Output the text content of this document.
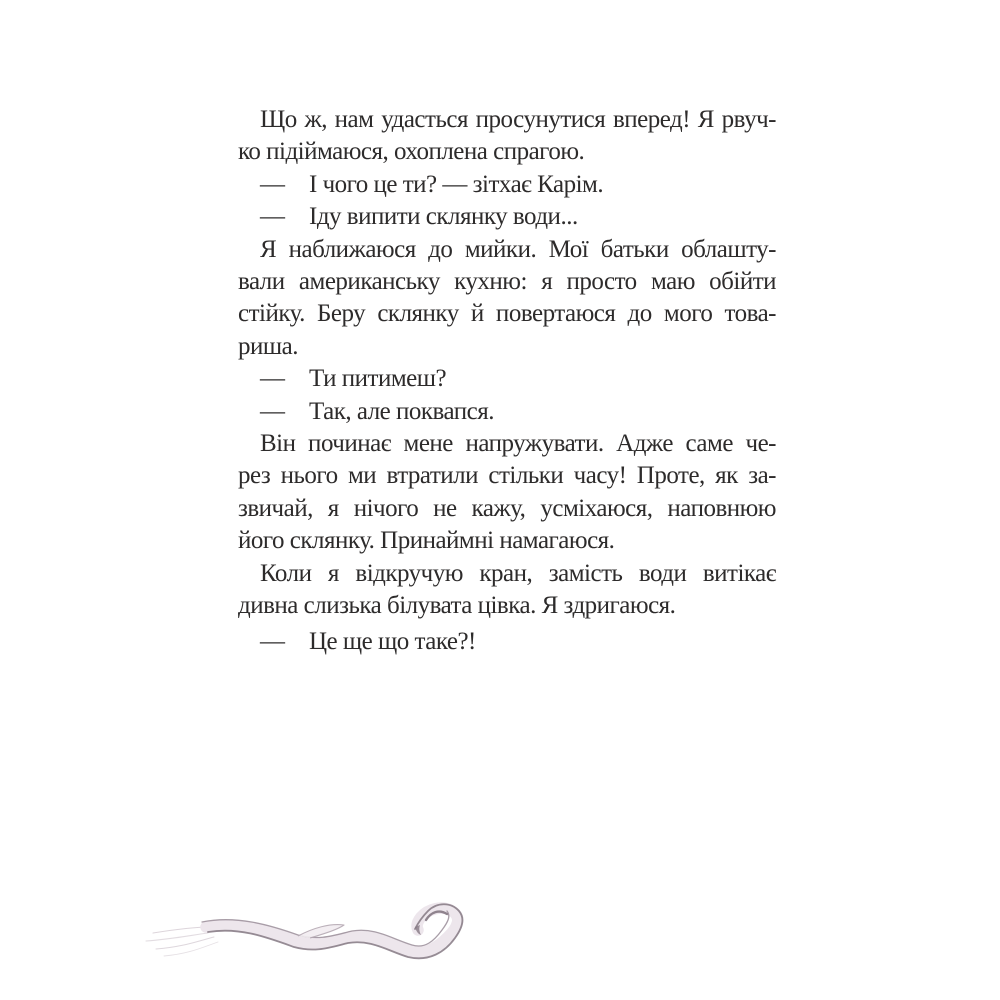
Що ж, нам удасться просунутися вперед! Я рвуч-
ко підіймаюся, охоплена спрагою.
— І чого це ти? — зітхає Карім.
— Іду випити склянку води...
Я наближаюся до мийки. Мої батьки облашту-
вали американську кухню: я просто маю обійти
стійку. Беру склянку й повертаюся до мого това-
риша.
— Ти питимеш?
— Так, але поквапся.
Він починає мене напружувати. Адже саме че-
рез нього ми втратили стільки часу! Проте, як за-
звичай, я нічого не кажу, усміхаюся, наповнюю
його склянку. Принаймні намагаюся.
Коли я відкручую кран, замість води витікає
дивна слизька білувата цівка. Я здригаюся.
— Це ще що таке?!
